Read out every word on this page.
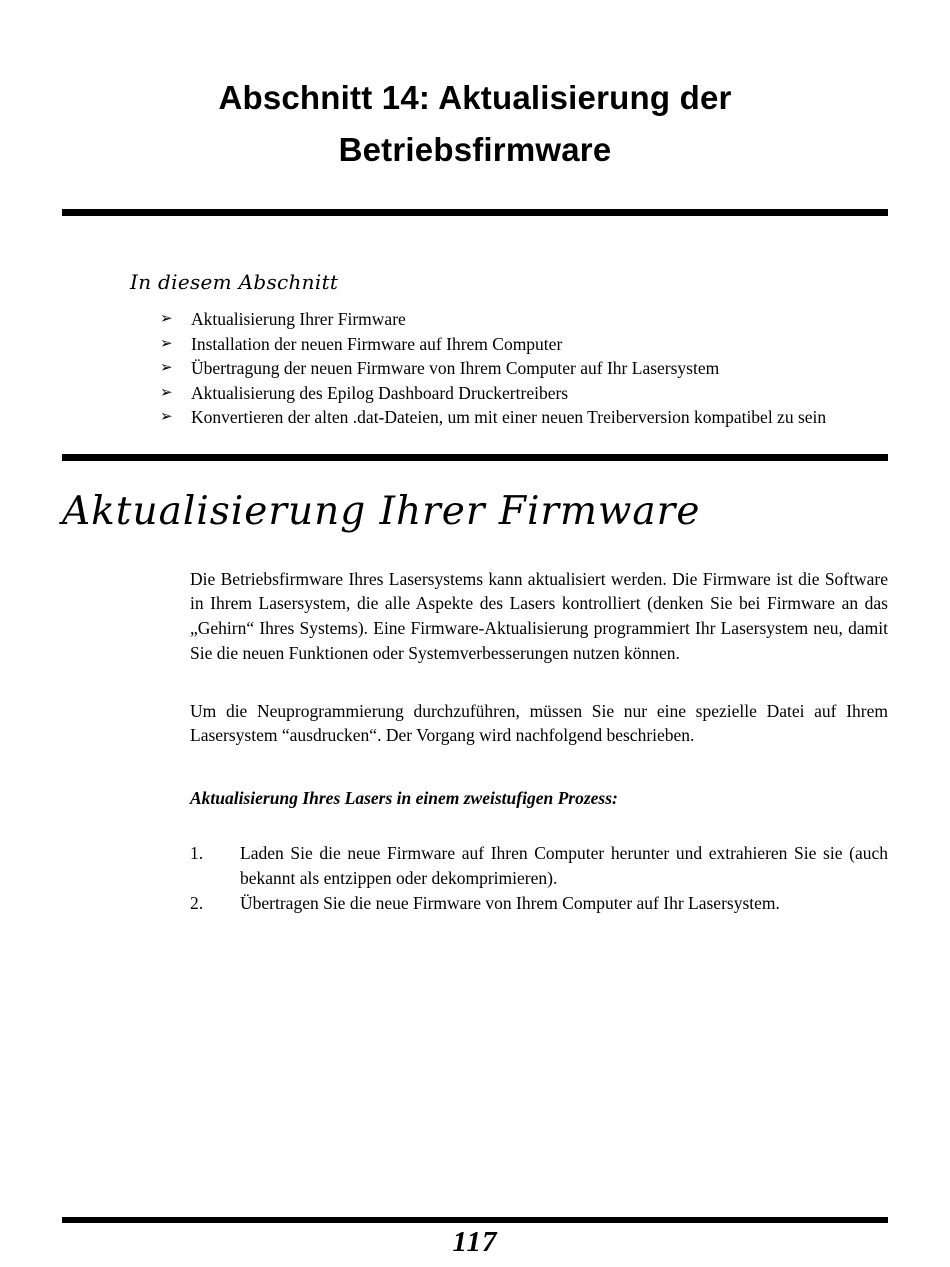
Abschnitt 14: Aktualisierung der
Betriebsfirmware
In diesem Abschnitt
➢	Aktualisierung Ihrer Firmware
➢	Installation der neuen Firmware auf Ihrem Computer
➢	Übertragung der neuen Firmware von Ihrem Computer auf Ihr Lasersystem
➢	Aktualisierung des Epilog Dashboard Druckertreibers
➢	Konvertieren der alten .dat-Dateien, um mit einer neuen Treiberversion kompatibel zu sein
Aktualisierung Ihrer Firmware

Die Betriebsfirmware Ihres Lasersystems kann aktualisiert werden. Die Firmware ist die Software in Ihrem Lasersystem, die alle Aspekte des Lasers kontrolliert (denken Sie bei Firmware an das „Gehirn“ Ihres Systems). Eine Firmware-Aktualisierung programmiert Ihr Lasersystem neu, damit Sie die neuen Funktionen oder Systemverbesserungen nutzen können.

Um die Neuprogrammierung durchzuführen, müssen Sie nur eine spezielle Datei auf Ihrem Lasersystem “ausdrucken“. Der Vorgang wird nachfolgend beschrieben.

Aktualisierung Ihres Lasers in einem zweistufigen Prozess:

1.	Laden Sie die neue Firmware auf Ihren Computer herunter und extrahieren Sie sie (auch bekannt als entzippen oder dekomprimieren).
2.	Übertragen Sie die neue Firmware von Ihrem Computer auf Ihr Lasersystem.
117
